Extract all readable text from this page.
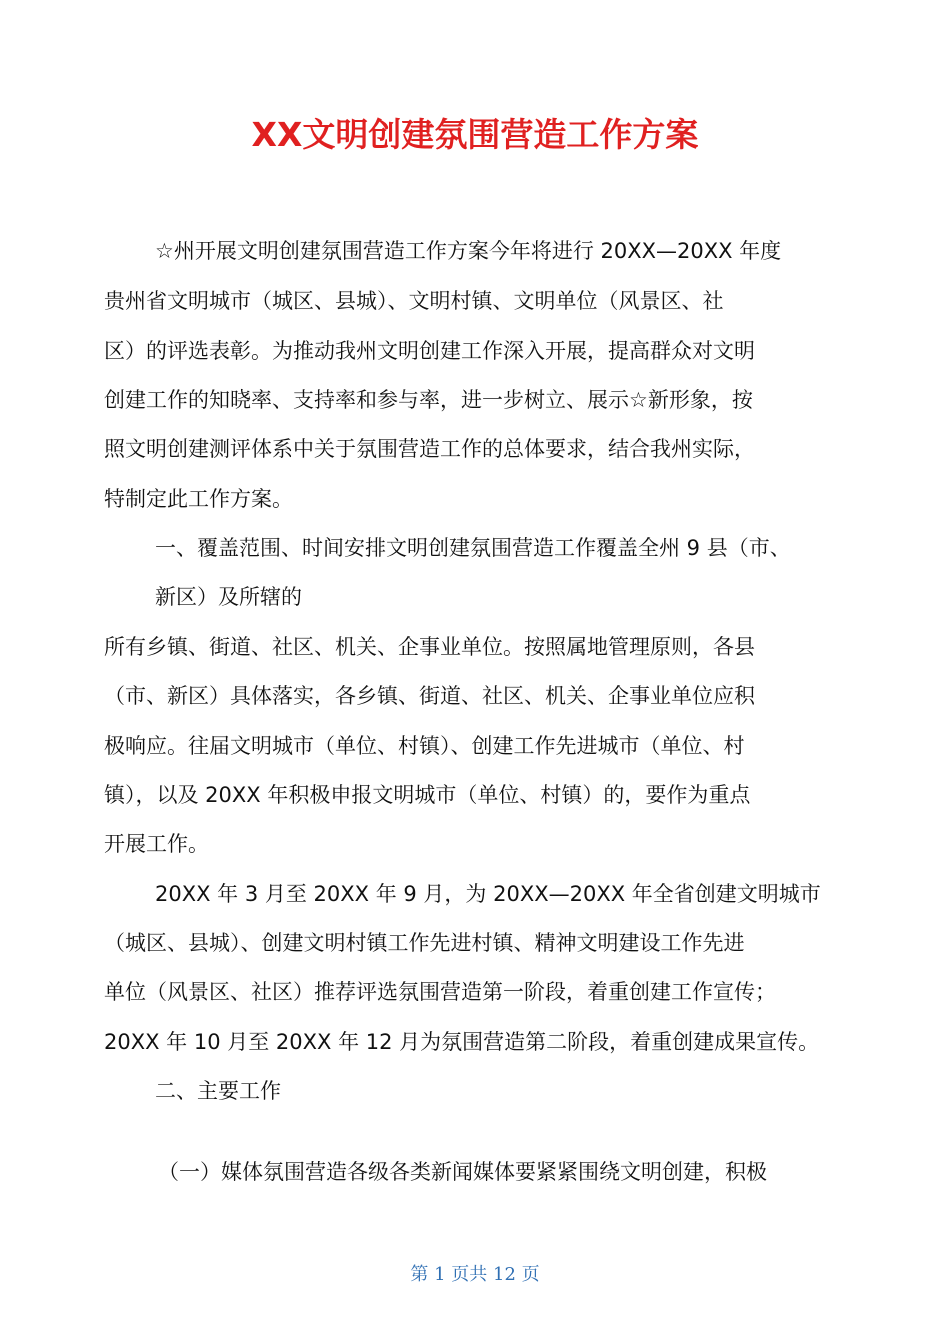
XX文明创建氛围营造工作方案
☆州开展文明创建氛围营造工作方案今年将进行 20XX—20XX 年度
贵州省文明城市（城区、县城）、文明村镇、文明单位（风景区、社
区）的评选表彰。为推动我州文明创建工作深入开展，提高群众对文明
创建工作的知晓率、支持率和参与率，进一步树立、展示☆新形象，按
照文明创建测评体系中关于氛围营造工作的总体要求，结合我州实际，
特制定此工作方案。
一、覆盖范围、时间安排文明创建氛围营造工作覆盖全州 9 县（市、
新区）及所辖的
所有乡镇、街道、社区、机关、企事业单位。按照属地管理原则，各县
（市、新区）具体落实，各乡镇、街道、社区、机关、企事业单位应积
极响应。往届文明城市（单位、村镇）、创建工作先进城市（单位、村
镇），以及 20XX 年积极申报文明城市（单位、村镇）的，要作为重点
开展工作。
20XX 年 3 月至 20XX 年 9 月，为 20XX—20XX 年全省创建文明城市
（城区、县城）、创建文明村镇工作先进村镇、精神文明建设工作先进
单位（风景区、社区）推荐评选氛围营造第一阶段，着重创建工作宣传；
20XX 年 10 月至 20XX 年 12 月为氛围营造第二阶段，着重创建成果宣传。
二、主要工作
（一）媒体氛围营造各级各类新闻媒体要紧紧围绕文明创建，积极
第 1 页共 12 页
